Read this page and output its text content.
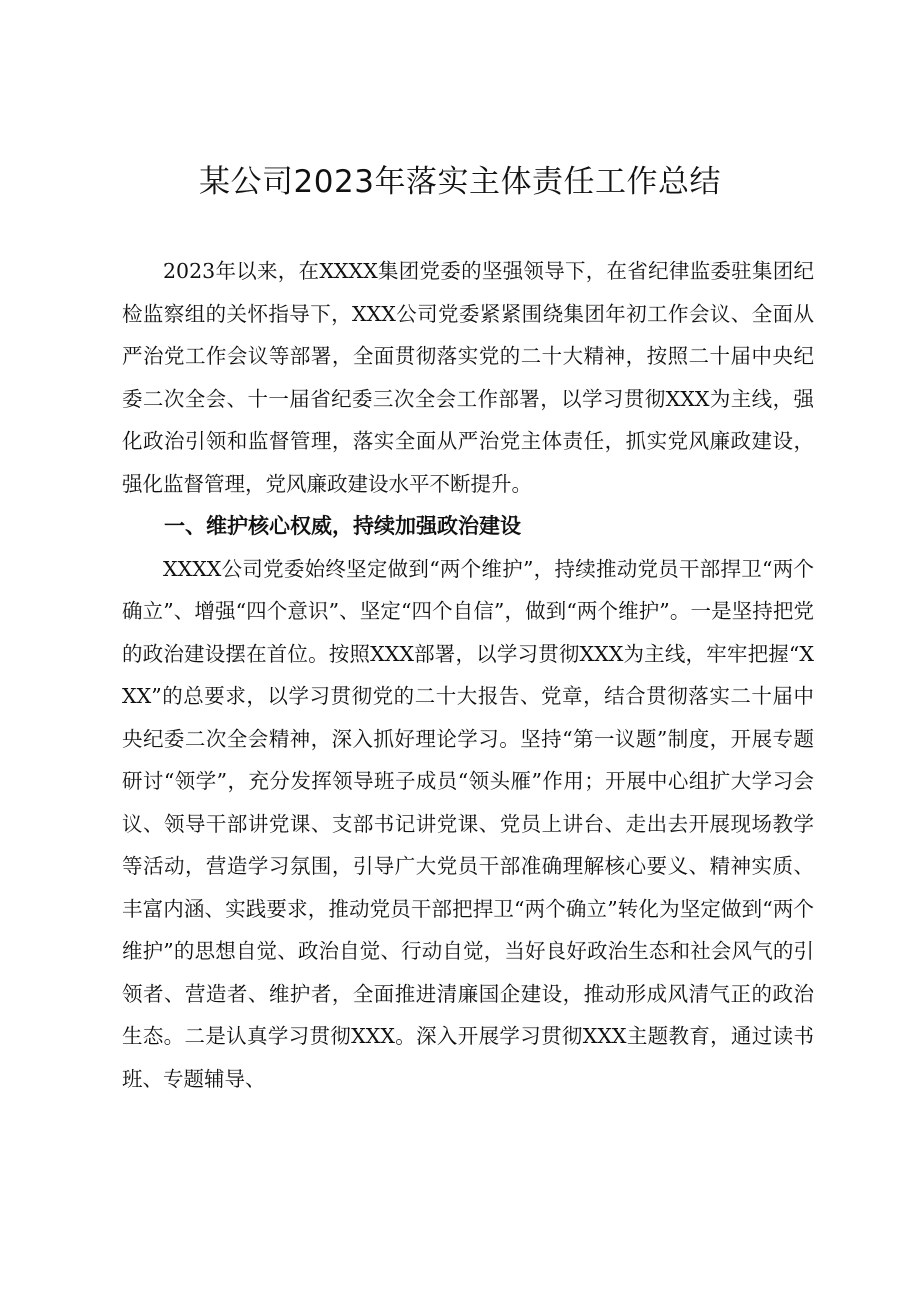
某公司2023年落实主体责任工作总结

2023年以来，在XXXX集团党委的坚强领导下，在省纪律监委驻集团纪检监察组的关怀指导下，XXX公司党委紧紧围绕集团年初工作会议、全面从严治党工作会议等部署，全面贯彻落实党的二十大精神，按照二十届中央纪委二次全会、十一届省纪委三次全会工作部署，以学习贯彻XXX为主线，强化政治引领和监督管理，落实全面从严治党主体责任，抓实党风廉政建设，强化监督管理，党风廉政建设水平不断提升。

一、维护核心权威，持续加强政治建设

XXXX公司党委始终坚定做到“两个维护”，持续推动党员干部捍卫“两个确立”、增强“四个意识”、坚定“四个自信”，做到“两个维护”。一是坚持把党的政治建设摆在首位。按照XXX部署，以学习贯彻XXX为主线，牢牢把握“XXX”的总要求，以学习贯彻党的二十大报告、党章，结合贯彻落实二十届中央纪委二次全会精神，深入抓好理论学习。坚持“第一议题”制度，开展专题研讨“领学”，充分发挥领导班子成员“领头雁”作用；开展中心组扩大学习会议、领导干部讲党课、支部书记讲党课、党员上讲台、走出去开展现场教学等活动，营造学习氛围，引导广大党员干部准确理解核心要义、精神实质、丰富内涵、实践要求，推动党员干部把捍卫“两个确立”转化为坚定做到“两个维护”的思想自觉、政治自觉、行动自觉，当好良好政治生态和社会风气的引领者、营造者、维护者，全面推进清廉国企建设，推动形成风清气正的政治生态。二是认真学习贯彻XXX。深入开展学习贯彻XXX主题教育，通过读书班、专题辅导、
